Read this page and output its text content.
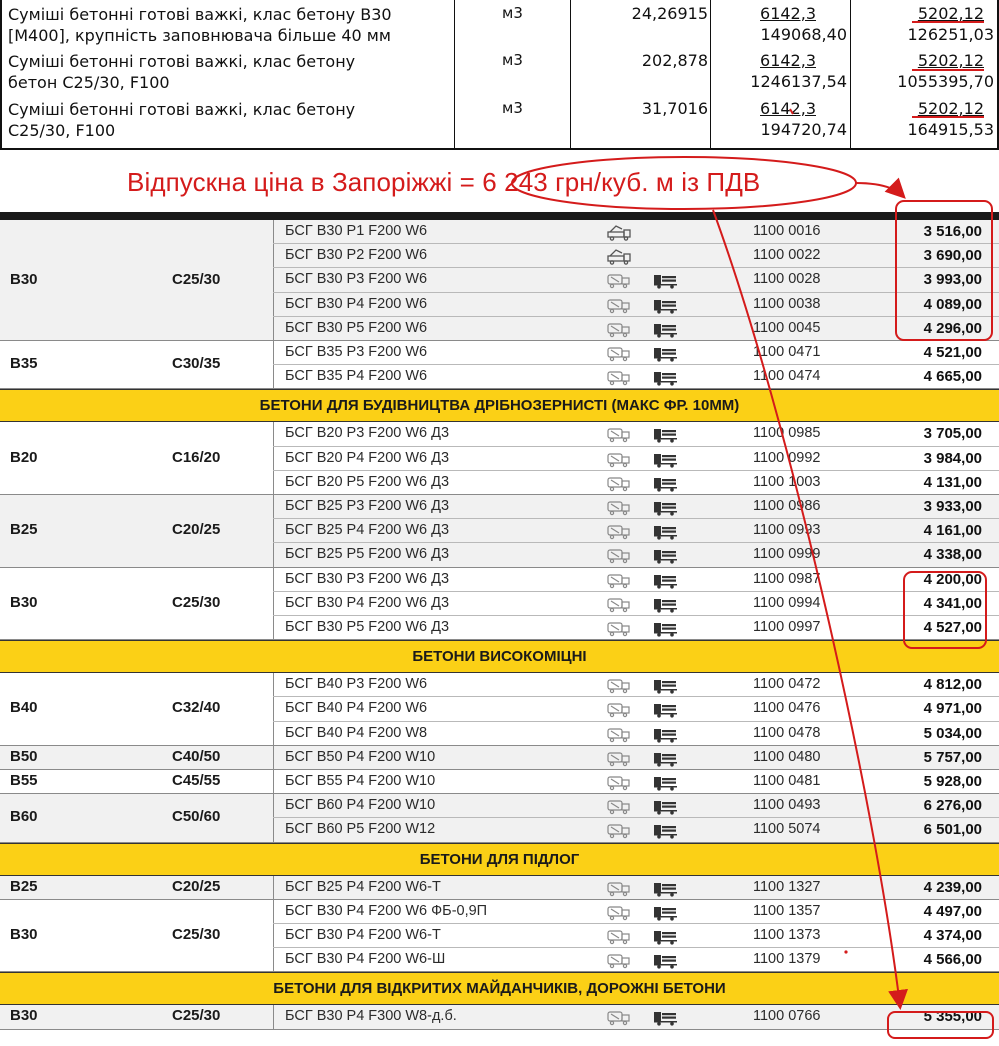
Суміші бетонні готові важкі, клас бетону В30
[М400], крупність заповнювача більше 40 мм
м3	24,26915	6142,3	5202,12
149068,40	126251,03
Суміші бетонні готові важкі, клас бетону
бетон С25/30, F100
м3	202,878	6142,3	5202,12
1246137,54	1055395,70
Суміші бетонні готові важкі, клас бетону
С25/30, F100
м3	31,7016	6142,3	5202,12
194720,74	164915,53
Відпускна ціна в Запоріжжі = 6 243 грн/куб. м із ПДВ
B30	C25/30
БСГ В30 Р1 F200 W6	1100 0016	3 516,00
БСГ В30 Р2 F200 W6	1100 0022	3 690,00
БСГ В30 Р3 F200 W6	1100 0028	3 993,00
БСГ В30 Р4 F200 W6	1100 0038	4 089,00
БСГ В30 Р5 F200 W6	1100 0045	4 296,00
B35	C30/35
БСГ В35 Р3 F200 W6	1100 0471	4 521,00
БСГ В35 Р4 F200 W6	1100 0474	4 665,00
БЕТОНИ ДЛЯ БУДІВНИЦТВА ДРІБНОЗЕРНИСТІ (МАКС ФР. 10ММ)
B20	C16/20
БСГ В20 Р3 F200 W6 Д3	1100 0985	3 705,00
БСГ В20 Р4 F200 W6 Д3	1100 0992	3 984,00
БСГ В20 Р5 F200 W6 Д3	1100 1003	4 131,00
B25	C20/25
БСГ В25 Р3 F200 W6 Д3	1100 0986	3 933,00
БСГ В25 Р4 F200 W6 Д3	1100 0993	4 161,00
БСГ В25 Р5 F200 W6 Д3	1100 0999	4 338,00
B30	C25/30
БСГ В30 Р3 F200 W6 Д3	1100 0987	4 200,00
БСГ В30 Р4 F200 W6 Д3	1100 0994	4 341,00
БСГ В30 Р5 F200 W6 Д3	1100 0997	4 527,00
БЕТОНИ ВИСОКОМІЦНІ
B40	C32/40
БСГ В40 Р3 F200 W6	1100 0472	4 812,00
БСГ В40 Р4 F200 W6	1100 0476	4 971,00
БСГ В40 Р4 F200 W8	1100 0478	5 034,00
B50	C40/50	БСГ В50 Р4 F200 W10	1100 0480	5 757,00
B55	C45/55	БСГ В55 Р4 F200 W10	1100 0481	5 928,00
B60	C50/60
БСГ В60 Р4 F200 W10	1100 0493	6 276,00
БСГ В60 Р5 F200 W12	1100 5074	6 501,00
БЕТОНИ ДЛЯ ПІДЛОГ
B25	C20/25	БСГ В25 Р4 F200 W6-Т	1100 1327	4 239,00
B30	C25/30
БСГ В30 Р4 F200 W6 ФБ-0,9П	1100 1357	4 497,00
БСГ В30 Р4 F200 W6-Т	1100 1373	4 374,00
БСГ В30 Р4 F200 W6-Ш	1100 1379	4 566,00
БЕТОНИ ДЛЯ ВІДКРИТИХ МАЙДАНЧИКІВ, ДОРОЖНІ БЕТОНИ
B30	C25/30	БСГ В30 Р4 F300 W8-д.б.	1100 0766	5 355,00
